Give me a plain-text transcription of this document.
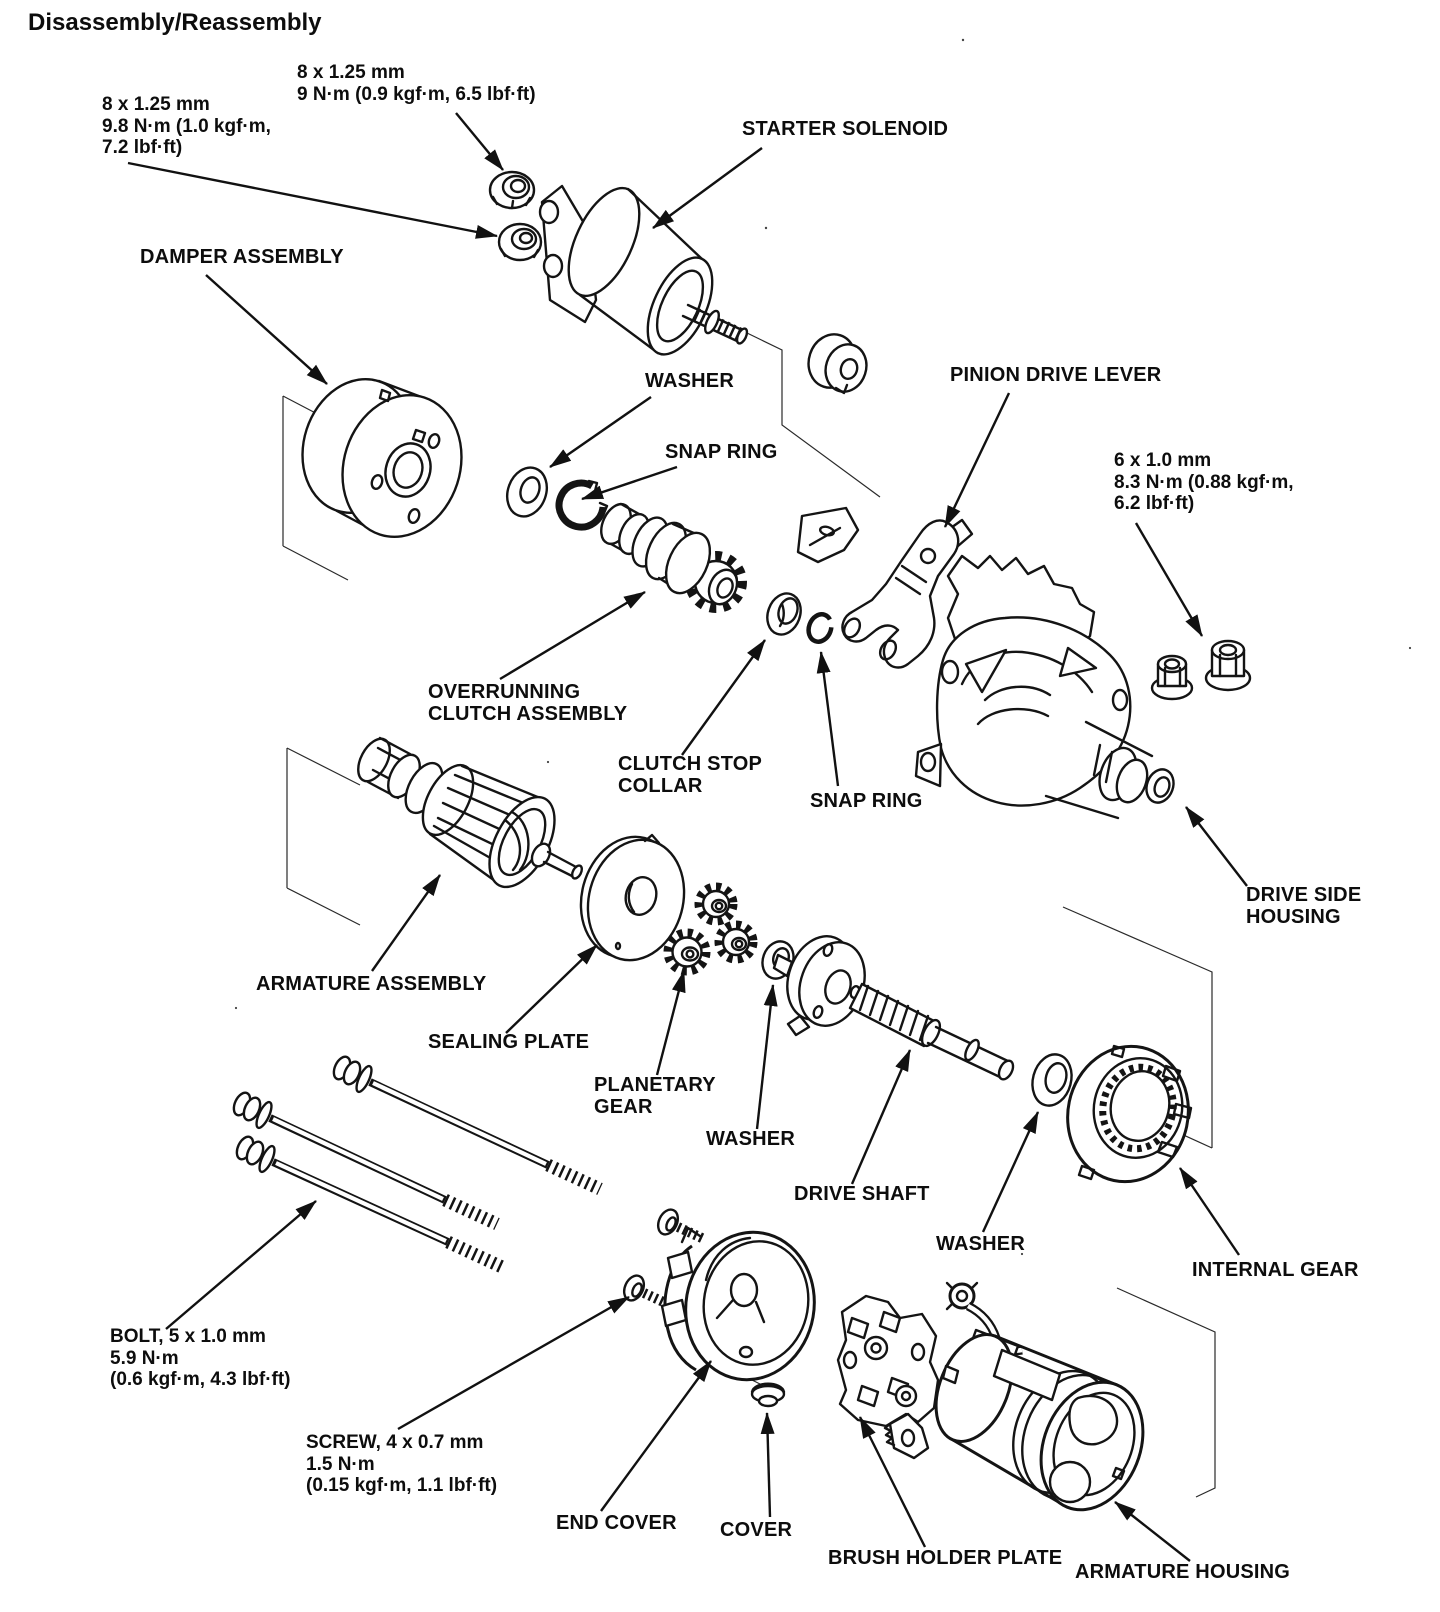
Disassembly/Reassembly
8 x 1.25 mm
9 N·m (0.9 kgf·m, 6.5 lbf·ft)
8 x 1.25 mm
9.8 N·m (1.0 kgf·m,
7.2 lbf·ft)
STARTER SOLENOID
DAMPER ASSEMBLY
WASHER
SNAP RING
PINION DRIVE LEVER
6 x 1.0 mm
8.3 N·m (0.88 kgf·m,
6.2 lbf·ft)
OVERRUNNING
CLUTCH ASSEMBLY
CLUTCH STOP
COLLAR
SNAP RING
DRIVE SIDE
HOUSING
ARMATURE ASSEMBLY
SEALING PLATE
PLANETARY
GEAR
WASHER
DRIVE SHAFT
WASHER
INTERNAL GEAR
BOLT, 5 x 1.0 mm
5.9 N·m
(0.6 kgf·m, 4.3 lbf·ft)
SCREW, 4 x 0.7 mm
1.5 N·m
(0.15 kgf·m, 1.1 lbf·ft)
END COVER COVER
BRUSH HOLDER PLATE
ARMATURE HOUSING
